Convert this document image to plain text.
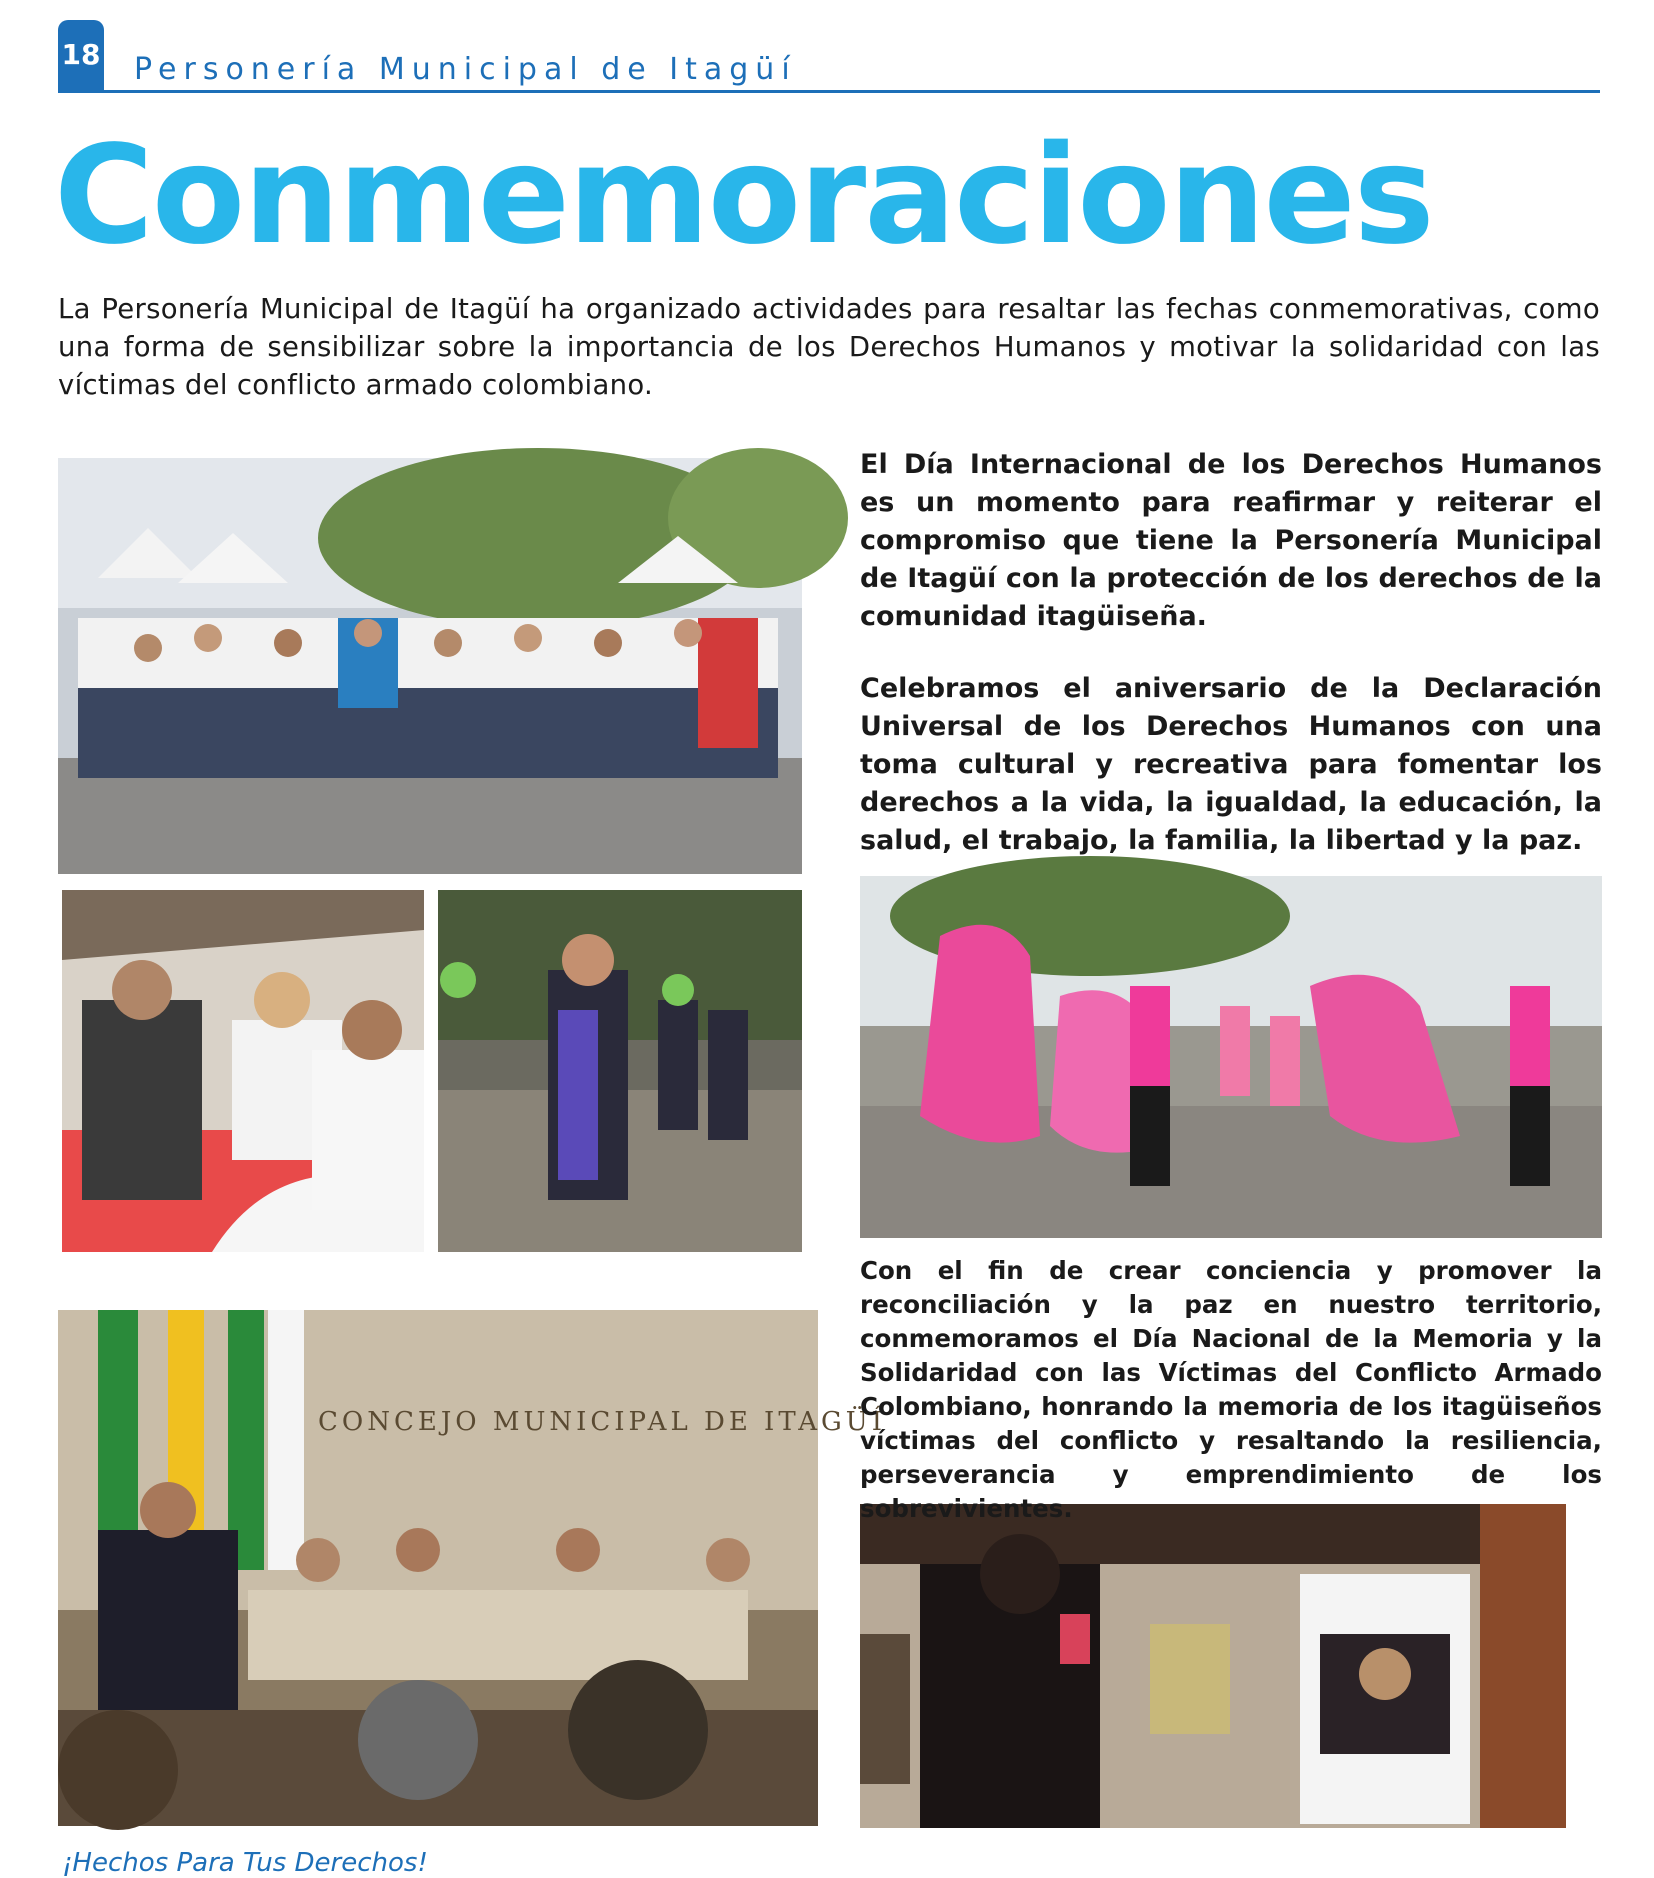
18 Personería Municipal de Itagüí
Conmemoraciones

La Personería Municipal de Itagüí ha organizado actividades para resaltar las fechas conmemorativas, como una forma de sensibilizar sobre la importancia de los Derechos Humanos y motivar la solidaridad con las víctimas del conflicto armado colombiano.

CONCEJO MUNICIPAL DE ITAGÜÍ
El Día Internacional de los Derechos Humanos es un momento para reafirmar y reiterar el compromiso que tiene la Personería Municipal de Itagüí con la protección de los derechos de la comunidad itagüiseña.
Celebramos el aniversario de la Declaración Universal de los Derechos Humanos con una toma cultural y recreativa para fomentar los derechos a la vida, la igualdad, la educación, la salud, el trabajo, la familia, la libertad y la paz.
Con el fin de crear conciencia y promover la reconciliación y la paz en nuestro territorio, conmemoramos el Día Nacional de la Memoria y la Solidaridad con las Víctimas del Conflicto Armado Colombiano, honrando la memoria de los itagüiseños víctimas del conflicto y resaltando la resiliencia, perseverancia y emprendimiento de los sobrevivientes.
¡Hechos Para Tus Derechos!
